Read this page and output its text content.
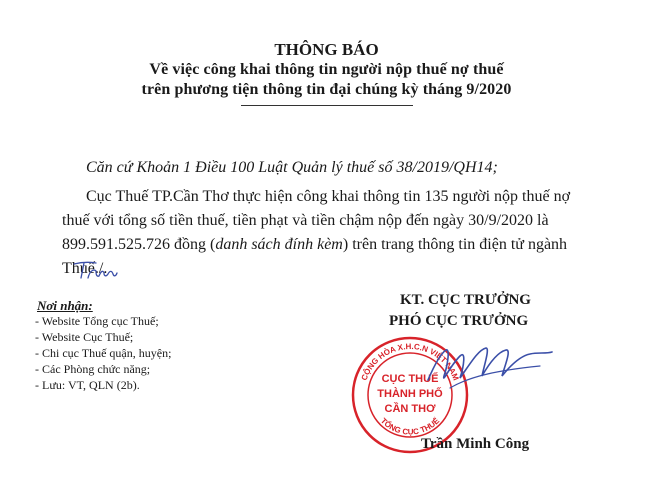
THÔNG BÁO
Về việc công khai thông tin người nộp thuế nợ thuế
trên phương tiện thông tin đại chúng kỳ tháng 9/2020
Căn cứ Khoản 1 Điều 100 Luật Quản lý thuế số 38/2019/QH14;
Cục Thuế TP.Cần Thơ thực hiện công khai thông tin 135 người nộp thuế nợ
thuế với tổng số tiền thuế, tiền phạt và tiền chậm nộp đến ngày 30/9/2020 là
899.591.525.726 đồng (danh sách đính kèm) trên trang thông tin điện tử ngành
Thuế./.
Nơi nhận:
- Website Tổng cục Thuế;
- Website Cục Thuế;
- Chi cục Thuế quận, huyện;
- Các Phòng chức năng;
- Lưu: VT, QLN (2b).
KT. CỤC TRƯỞNG
PHÓ CỤC TRƯỞNG
CỘNG HÒA X.H.C.N VIỆT NAM
TỔNG CỤC THUẾ
CỤC THUẾ
THÀNH PHỐ
CẦN THƠ
Trần Minh Công
